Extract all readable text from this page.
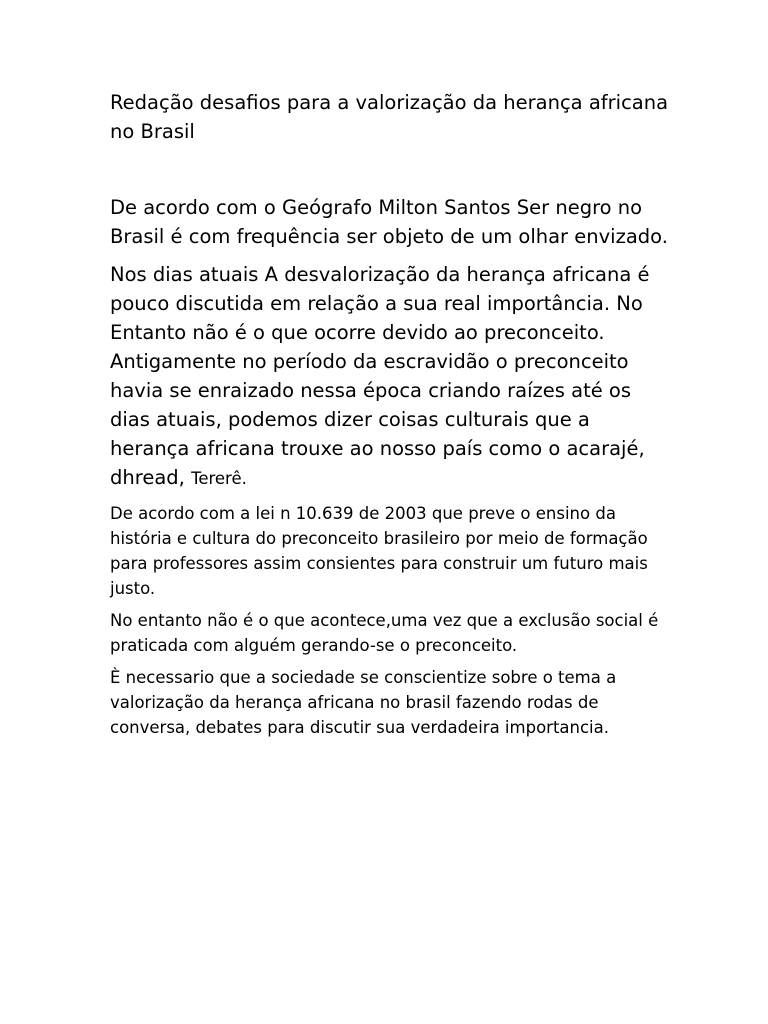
Redação desafios para a valorização da herança africana no Brasil

De acordo com o Geógrafo Milton Santos Ser negro no Brasil é com frequência ser objeto de um olhar envizado.

Nos dias atuais A desvalorização da herança africana é pouco discutida em relação a sua real importância. No Entanto não é o que ocorre devido ao preconceito. Antigamente no período da escravidão o preconceito havia se enraizado nessa época criando raízes até os dias atuais, podemos dizer coisas culturais que a herança africana trouxe ao nosso país como o acarajé, dhread, Tererê.

De acordo com a lei n 10.639 de 2003 que preve o ensino da história e cultura do preconceito brasileiro por meio de formação para professores assim consientes para construir um futuro mais justo.

No entanto não é o que acontece,uma vez que a exclusão social é praticada com alguém gerando-se o preconceito.

È necessario que a sociedade se conscientize sobre o tema a valorização da herança africana no brasil fazendo rodas de conversa, debates para discutir sua verdadeira importancia.
